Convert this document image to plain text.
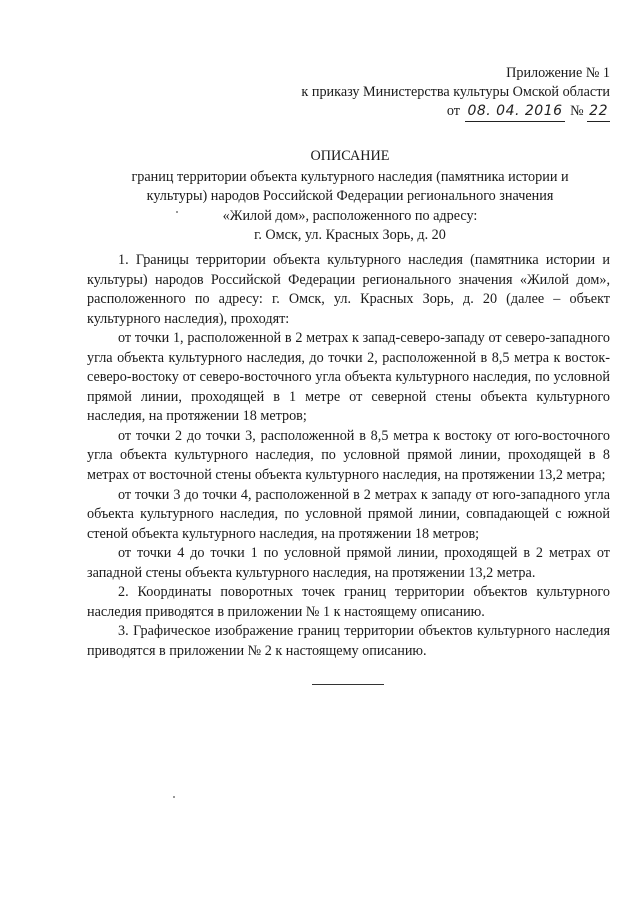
Приложение № 1
к приказу Министерства культуры Омской области
от 08. 04. 2016 № 22
ОПИСАНИЕ
границ территории объекта культурного наследия (памятника истории и
культуры) народов Российской Федерации регионального значения
«Жилой дом», расположенного по адресу:
г. Омск, ул. Красных Зорь, д. 20

1. Границы территории объекта культурного наследия (памятника истории и культуры) народов Российской Федерации регионального значения «Жилой дом», расположенного по адресу: г. Омск, ул. Красных Зорь, д. 20 (далее – объект культурного наследия), проходят:

от точки 1, расположенной в 2 метрах к запад-северо-западу от северо-западного угла объекта культурного наследия, до точки 2, расположенной в 8,5 метра к восток-северо-востоку от северо-восточного угла объекта культурного наследия, по условной прямой линии, проходящей в 1 метре от северной стены объекта культурного наследия, на протяжении 18 метров;

от точки 2 до точки 3, расположенной в 8,5 метра к востоку от юго-восточного угла объекта культурного наследия, по условной прямой линии, проходящей в 8 метрах от восточной стены объекта культурного наследия, на протяжении 13,2 метра;

от точки 3 до точки 4, расположенной в 2 метрах к западу от юго-западного угла объекта культурного наследия, по условной прямой линии, совпадающей с южной стеной объекта культурного наследия, на протяжении 18 метров;

от точки 4 до точки 1 по условной прямой линии, проходящей в 2 метрах от западной стены объекта культурного наследия, на протяжении 13,2 метра.

2. Координаты поворотных точек границ территории объектов культурного наследия приводятся в приложении № 1 к настоящему описанию.

3. Графическое изображение границ территории объектов культурного наследия приводятся в приложении № 2 к настоящему описанию.
